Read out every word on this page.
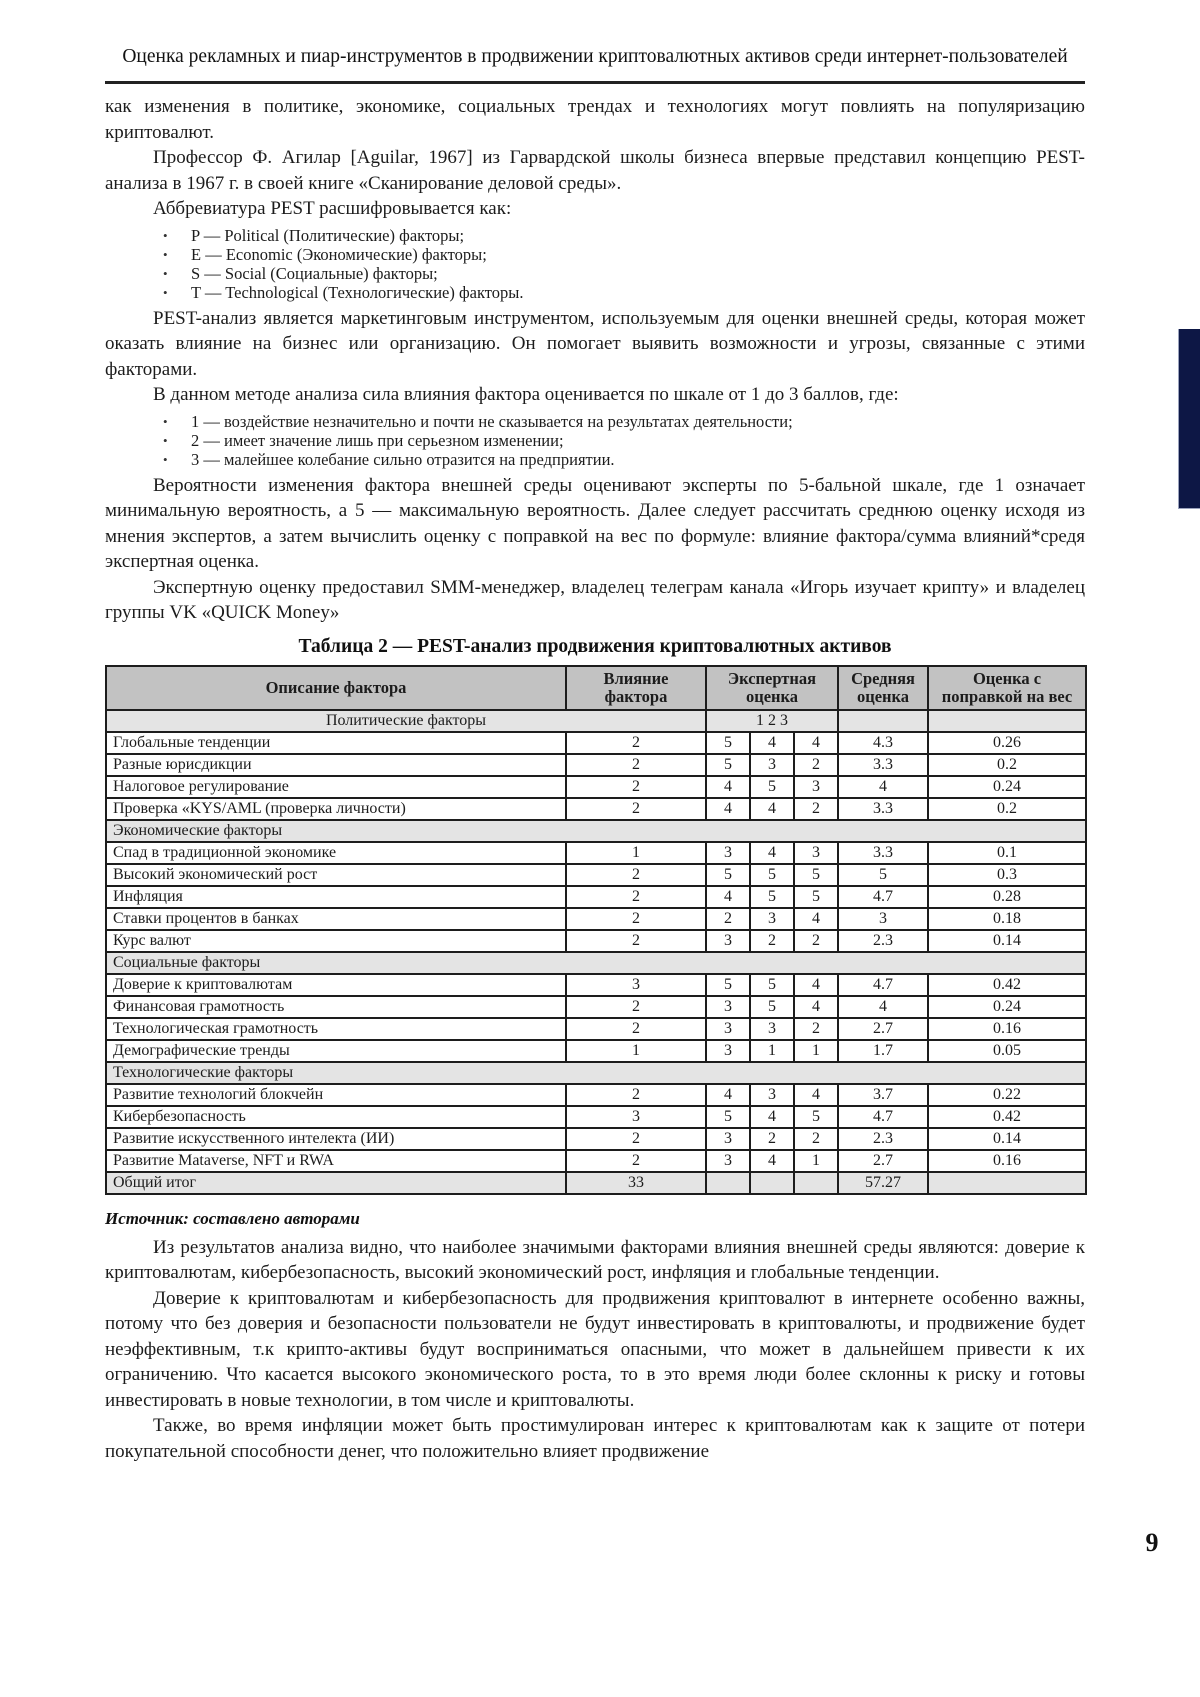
Оценка рекламных и пиар-инструментов в продвижении криптовалютных активов среди интернет-пользователей

как изменения в политике, экономике, социальных трендах и технологиях могут повлиять на популяризацию криптовалют.

Профессор Ф. Агилар [Aguilar, 1967] из Гарвардской школы бизнеса впервые представил концепцию PEST-анализа в 1967 г. в своей книге «Сканирование деловой среды».

Аббревиатура PEST расшифровывается как:

• P — Political (Политические) факторы;
• E — Economic (Экономические) факторы;
• S — Social (Социальные) факторы;
• T — Technological (Технологические) факторы.

PEST-анализ является маркетинговым инструментом, используемым для оценки внешней среды, которая может оказать влияние на бизнес или организацию. Он помогает выявить возможности и угрозы, связанные с этими факторами.

В данном методе анализа сила влияния фактора оценивается по шкале от 1 до 3 баллов, где:

• 1 — воздействие незначительно и почти не сказывается на результатах деятельности;
• 2 — имеет значение лишь при серьезном изменении;
• 3 — малейшее колебание сильно отразится на предприятии.

Вероятности изменения фактора внешней среды оценивают эксперты по 5-бальной шкале, где 1 означает минимальную вероятность, а 5 — максимальную вероятность. Далее следует рассчитать среднюю оценку исходя из мнения экспертов, а затем вычислить оценку с поправкой на вес по формуле: влияние фактора/сумма влияний*средя экспертная оценка.

Экспертную оценку предоставил SMM-менеджер, владелец телеграм канала «Игорь изучает крипту» и владелец группы VK «QUICK Money»

Таблица 2 — PEST-анализ продвижения криптовалютных активов
Описание фактора	Влияние фактора	Экспертная оценка			Средняя оценка	Оценка с поправкой на вес
Политические факторы		1 2 3				
Глобальные тенденции	2	5	4	4	4.3	0.26
Разные юрисдикции	2	5	3	2	3.3	0.2
Налоговое регулирование	2	4	5	3	4	0.24
Проверка «KYS/AML (проверка личности)	2	4	4	2	3.3	0.2
Экономические факторы						
Спад в традиционной экономике	1	3	4	3	3.3	0.1
Высокий экономический рост	2	5	5	5	5	0.3
Инфляция	2	4	5	5	4.7	0.28
Ставки процентов в банках	2	2	3	4	3	0.18
Курс валют	2	3	2	2	2.3	0.14
Социальные факторы						
Доверие к криптовалютам	3	5	5	4	4.7	0.42
Финансовая грамотность	2	3	5	4	4	0.24
Технологическая грамотность	2	3	3	2	2.7	0.16
Демографические тренды	1	3	1	1	1.7	0.05
Технологические факторы						
Развитие технологий блокчейн	2	4	3	4	3.7	0.22
Кибербезопасность	3	5	4	5	4.7	0.42
Развитие искусственного интелекта (ИИ)	2	3	2	2	2.3	0.14
Развитие Mataverse, NFT и RWA	2	3	4	1	2.7	0.16
Общий итог	33				57.27	
Источник: составлено авторами

Из результатов анализа видно, что наиболее значимыми факторами влияния внешней среды являются: доверие к криптовалютам, кибербезопасность, высокий экономический рост, инфляция и глобальные тенденции.

Доверие к криптовалютам и кибербезопасность для продвижения криптовалют в интернете особенно важны, потому что без доверия и безопасности пользователи не будут инвестировать в криптовалюты, и продвижение будет неэффективным, т.к крипто-активы будут восприниматься опасными, что может в дальнейшем привести к их ограничению. Что касается высокого экономического роста, то в это время люди более склонны к риску и готовы инвестировать в новые технологии, в том числе и криптовалюты.

Также, во время инфляции может быть простимулирован интерес к криптовалютам как к защите от потери покупательной способности денег, что положительно влияет продвижение

9
